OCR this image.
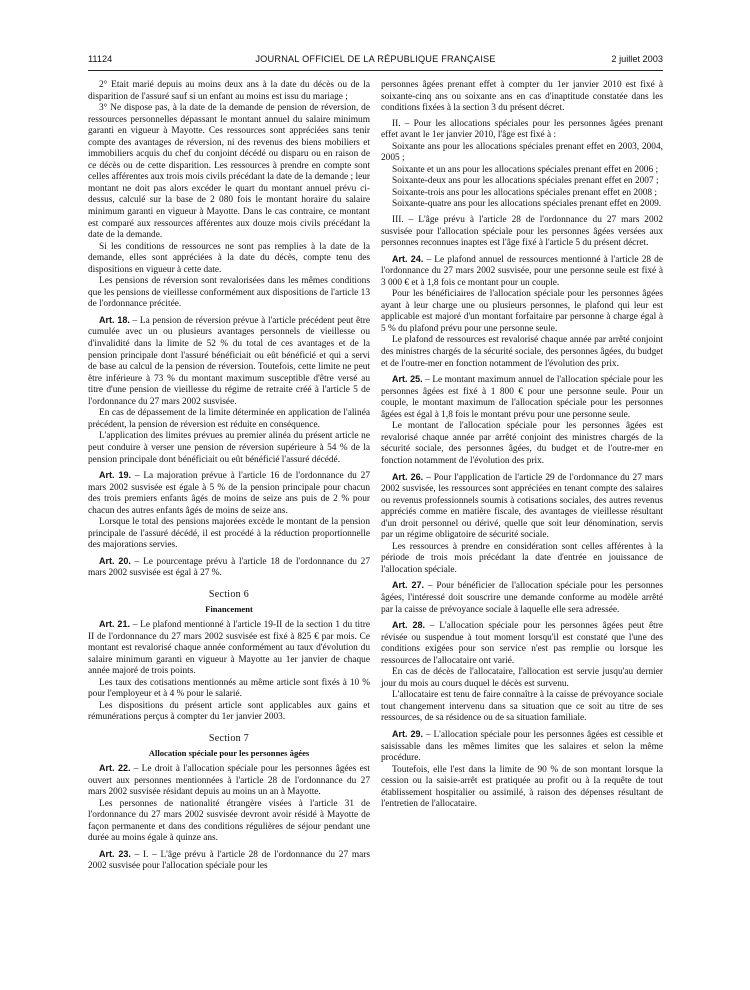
11124	JOURNAL OFFICIEL DE LA RÉPUBLIQUE FRANÇAISE	2 juillet 2003

2° Etait marié depuis au moins deux ans à la date du décès ou de la disparition de l'assuré sauf si un enfant au moins est issu du mariage ;

3° Ne dispose pas, à la date de la demande de pension de réversion, de ressources personnelles dépassant le montant annuel du salaire minimum garanti en vigueur à Mayotte. Ces ressources sont appréciées sans tenir compte des avantages de réversion, ni des revenus des biens mobiliers et immobiliers acquis du chef du conjoint décédé ou disparu ou en raison de ce décès ou de cette disparition. Les ressources à prendre en compte sont celles afférentes aux trois mois civils précédant la date de la demande ; leur montant ne doit pas alors excéder le quart du montant annuel prévu ci-dessus, calculé sur la base de 2 080 fois le montant horaire du salaire minimum garanti en vigueur à Mayotte. Dans le cas contraire, ce montant est comparé aux ressources afférentes aux douze mois civils précédant la date de la demande.

Si les conditions de ressources ne sont pas remplies à la date de la demande, elles sont appréciées à la date du décès, compte tenu des dispositions en vigueur à cette date.

Les pensions de réversion sont revalorisées dans les mêmes conditions que les pensions de vieillesse conformément aux dispositions de l'article 13 de l'ordonnance précitée.

Art. 18. – La pension de réversion prévue à l'article précédent peut être cumulée avec un ou plusieurs avantages personnels de vieillesse ou d'invalidité dans la limite de 52 % du total de ces avantages et de la pension principale dont l'assuré bénéficiait ou eût bénéficié et qui a servi de base au calcul de la pension de réversion. Toutefois, cette limite ne peut être inférieure à 73 % du montant maximum susceptible d'être versé au titre d'une pension de vieillesse du régime de retraite créé à l'article 5 de l'ordonnance du 27 mars 2002 susvisée.

En cas de dépassement de la limite déterminée en application de l'alinéa précédent, la pension de réversion est réduite en conséquence.

L'application des limites prévues au premier alinéa du présent article ne peut conduire à verser une pension de réversion supérieure à 54 % de la pension principale dont bénéficiait ou eût bénéficié l'assuré décédé.

Art. 19. – La majoration prévue à l'article 16 de l'ordonnance du 27 mars 2002 susvisée est égale à 5 % de la pension principale pour chacun des trois premiers enfants âgés de moins de seize ans puis de 2 % pour chacun des autres enfants âgés de moins de seize ans.

Lorsque le total des pensions majorées excède le montant de la pension principale de l'assuré décédé, il est procédé à la réduction proportionnelle des majorations servies.

Art. 20. – Le pourcentage prévu à l'article 18 de l'ordonnance du 27 mars 2002 susvisée est égal à 27 %.

Section 6

Financement

Art. 21. – Le plafond mentionné à l'article 19-II de la section 1 du titre II de l'ordonnance du 27 mars 2002 susvisée est fixé à 825 € par mois. Ce montant est revalorisé chaque année conformément au taux d'évolution du salaire minimum garanti en vigueur à Mayotte au 1er janvier de chaque année majoré de trois points.

Les taux des cotisations mentionnés au même article sont fixés à 10 % pour l'employeur et à 4 % pour le salarié.

Les dispositions du présent article sont applicables aux gains et rémunérations perçus à compter du 1er janvier 2003.

Section 7

Allocation spéciale pour les personnes âgées

Art. 22. – Le droit à l'allocation spéciale pour les personnes âgées est ouvert aux personnes mentionnées à l'article 28 de l'ordonnance du 27 mars 2002 susvisée résidant depuis au moins un an à Mayotte.

Les personnes de nationalité étrangère visées à l'article 31 de l'ordonnance du 27 mars 2002 susvisée devront avoir résidé à Mayotte de façon permanente et dans des conditions régulières de séjour pendant une durée au moins égale à quinze ans.

Art. 23. – I. – L'âge prévu à l'article 28 de l'ordonnance du 27 mars 2002 susvisée pour l'allocation spéciale pour les

personnes âgées prenant effet à compter du 1er janvier 2010 est fixé à soixante-cinq ans ou soixante ans en cas d'inaptitude constatée dans les conditions fixées à la section 3 du présent décret.

II. – Pour les allocations spéciales pour les personnes âgées prenant effet avant le 1er janvier 2010, l'âge est fixé à :

Soixante ans pour les allocations spéciales prenant effet en 2003, 2004, 2005 ;

Soixante et un ans pour les allocations spéciales prenant effet en 2006 ;

Soixante-deux ans pour les allocations spéciales prenant effet en 2007 ;

Soixante-trois ans pour les allocations spéciales prenant effet en 2008 ;

Soixante-quatre ans pour les allocations spéciales prenant effet en 2009.

III. – L'âge prévu à l'article 28 de l'ordonnance du 27 mars 2002 susvisée pour l'allocation spéciale pour les personnes âgées versées aux personnes reconnues inaptes est l'âge fixé à l'article 5 du présent décret.

Art. 24. – Le plafond annuel de ressources mentionné à l'article 28 de l'ordonnance du 27 mars 2002 susvisée, pour une personne seule est fixé à 3 000 € et à 1,8 fois ce montant pour un couple.

Pour les bénéficiaires de l'allocation spéciale pour les personnes âgées ayant à leur charge une ou plusieurs personnes, le plafond qui leur est applicable est majoré d'un montant forfaitaire par personne à charge égal à 5 % du plafond prévu pour une personne seule.

Le plafond de ressources est revalorisé chaque année par arrêté conjoint des ministres chargés de la sécurité sociale, des personnes âgées, du budget et de l'outre-mer en fonction notamment de l'évolution des prix.

Art. 25. – Le montant maximum annuel de l'allocation spéciale pour les personnes âgées est fixé à 1 800 € pour une personne seule. Pour un couple, le montant maximum de l'allocation spéciale pour les personnes âgées est égal à 1,8 fois le montant prévu pour une personne seule.

Le montant de l'allocation spéciale pour les personnes âgées est revalorisé chaque année par arrêté conjoint des ministres chargés de la sécurité sociale, des personnes âgées, du budget et de l'outre-mer en fonction notamment de l'évolution des prix.

Art. 26. – Pour l'application de l'article 29 de l'ordonnance du 27 mars 2002 susvisée, les ressources sont appréciées en tenant compte des salaires ou revenus professionnels soumis à cotisations sociales, des autres revenus appréciés comme en matière fiscale, des avantages de vieillesse résultant d'un droit personnel ou dérivé, quelle que soit leur dénomination, servis par un régime obligatoire de sécurité sociale.

Les ressources à prendre en considération sont celles afférentes à la période de trois mois précédant la date d'entrée en jouissance de l'allocation spéciale.

Art. 27. – Pour bénéficier de l'allocation spéciale pour les personnes âgées, l'intéressé doit souscrire une demande conforme au modèle arrêté par la caisse de prévoyance sociale à laquelle elle sera adressée.

Art. 28. – L'allocation spéciale pour les personnes âgées peut être révisée ou suspendue à tout moment lorsqu'il est constaté que l'une des conditions exigées pour son service n'est pas remplie ou lorsque les ressources de l'allocataire ont varié.

En cas de décès de l'allocataire, l'allocation est servie jusqu'au dernier jour du mois au cours duquel le décès est survenu.

L'allocataire est tenu de faire connaître à la caisse de prévoyance sociale tout changement intervenu dans sa situation que ce soit au titre de ses ressources, de sa résidence ou de sa situation familiale.

Art. 29. – L'allocation spéciale pour les personnes âgées est cessible et saisissable dans les mêmes limites que les salaires et selon la même procédure.

Toutefois, elle l'est dans la limite de 90 % de son montant lorsque la cession ou la saisie-arrêt est pratiquée au profit ou à la requête de tout établissement hospitalier ou assimilé, à raison des dépenses résultant de l'entretien de l'allocataire.
